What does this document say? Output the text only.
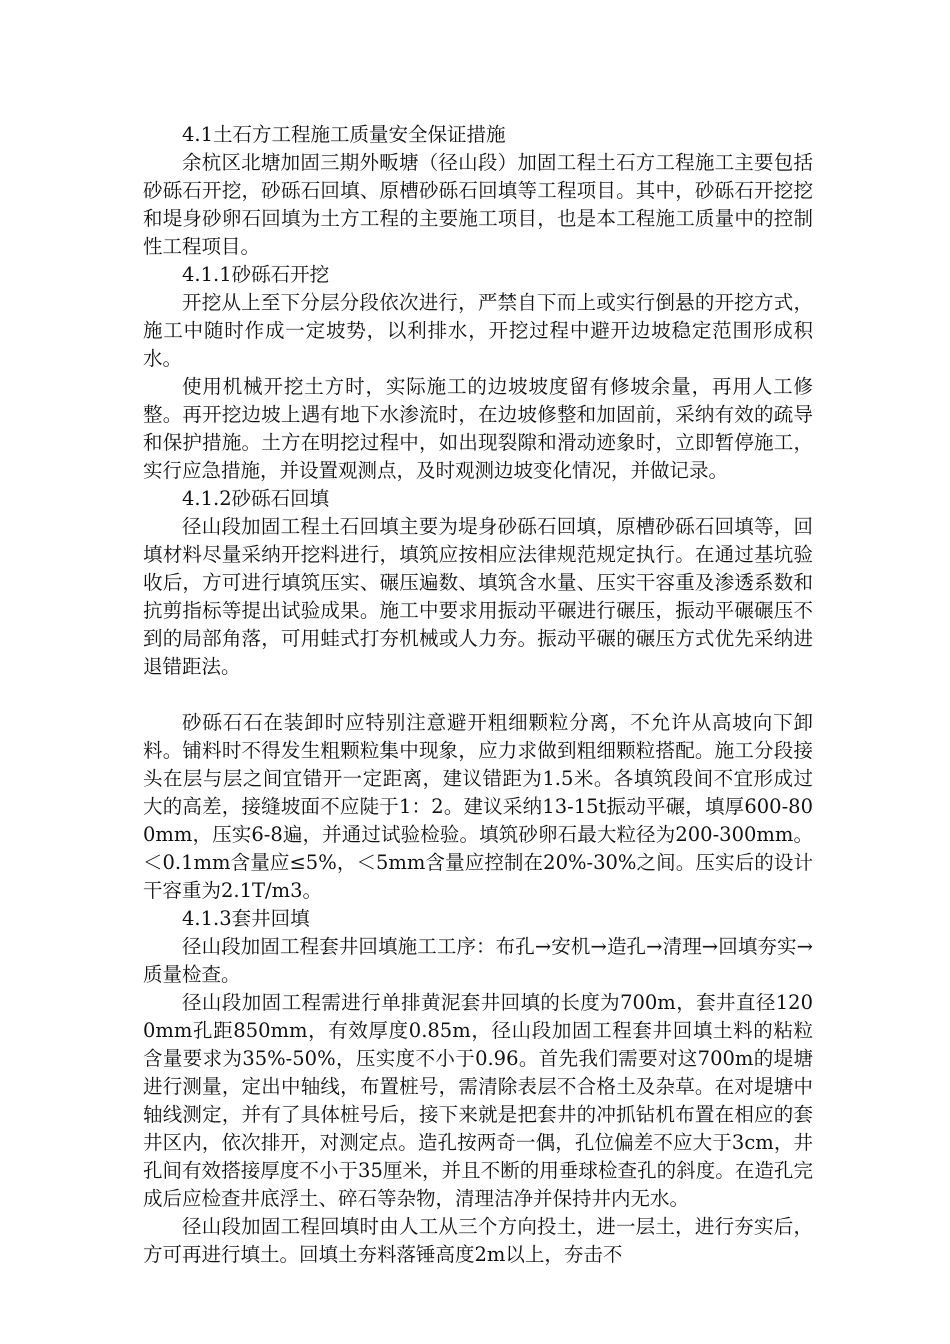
4.1土石方工程施工质量安全保证措施

余杭区北塘加固三期外畈塘（径山段）加固工程土石方工程施工主要包括砂砾石开挖，砂砾石回填、原槽砂砾石回填等工程项目。其中，砂砾石开挖挖和堤身砂卵石回填为土方工程的主要施工项目，也是本工程施工质量中的控制性工程项目。

4.1.1砂砾石开挖

开挖从上至下分层分段依次进行，严禁自下而上或实行倒悬的开挖方式，施工中随时作成一定坡势，以利排水，开挖过程中避开边坡稳定范围形成积水。

使用机械开挖土方时，实际施工的边坡坡度留有修坡余量，再用人工修整。再开挖边坡上遇有地下水渗流时，在边坡修整和加固前，采纳有效的疏导和保护措施。土方在明挖过程中，如出现裂隙和滑动迹象时，立即暂停施工，实行应急措施，并设置观测点，及时观测边坡变化情况，并做记录。

4.1.2砂砾石回填

径山段加固工程土石回填主要为堤身砂砾石回填，原槽砂砾石回填等，回填材料尽量采纳开挖料进行，填筑应按相应法律规范规定执行。在通过基坑验收后，方可进行填筑压实、碾压遍数、填筑含水量、压实干容重及渗透系数和抗剪指标等提出试验成果。施工中要求用振动平碾进行碾压，振动平碾碾压不到的局部角落，可用蛙式打夯机械或人力夯。振动平碾的碾压方式优先采纳进退错距法。

砂砾石石在装卸时应特别注意避开粗细颗粒分离，不允许从高坡向下卸料。铺料时不得发生粗颗粒集中现象，应力求做到粗细颗粒搭配。施工分段接头在层与层之间宜错开一定距离，建议错距为1.5米。各填筑段间不宜形成过大的高差，接缝坡面不应陡于1：2。建议采纳13-15t振动平碾，填厚600-800mm，压实6-8遍，并通过试验检验。填筑砂卵石最大粒径为200-300mm。＜0.1mm含量应≤5%，＜5mm含量应控制在20%-30%之间。压实后的设计干容重为2.1T/m3。

4.1.3套井回填

径山段加固工程套井回填施工工序：布孔→安机→造孔→清理→回填夯实→质量检查。

径山段加固工程需进行单排黄泥套井回填的长度为700m，套井直径1200mm孔距850mm，有效厚度0.85m，径山段加固工程套井回填土料的粘粒含量要求为35%-50%，压实度不小于0.96。首先我们需要对这700m的堤塘进行测量，定出中轴线，布置桩号，需清除表层不合格土及杂草。在对堤塘中轴线测定，并有了具体桩号后，接下来就是把套井的冲抓钻机布置在相应的套井区内，依次排开，对测定点。造孔按两奇一偶，孔位偏差不应大于3cm，井孔间有效搭接厚度不小于35厘米，并且不断的用垂球检查孔的斜度。在造孔完成后应检查井底浮土、碎石等杂物，清理洁净并保持井内无水。

径山段加固工程回填时由人工从三个方向投土，进一层土，进行夯实后，方可再进行填土。回填土夯料落锤高度2m以上，夯击不
